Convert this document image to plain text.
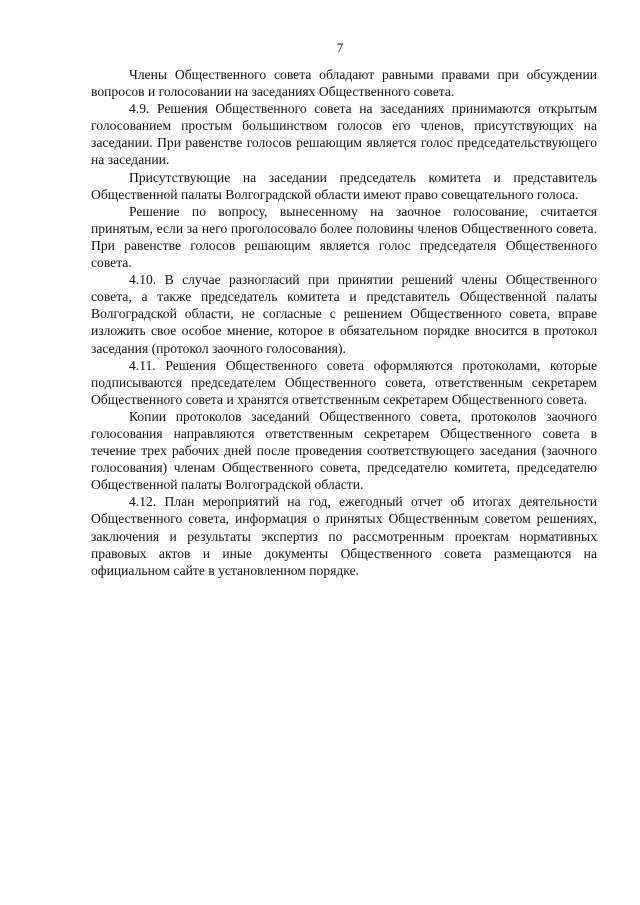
7

Члены Общественного совета обладают равными правами при обсуждении вопросов и голосовании на заседаниях Общественного совета.

4.9. Решения Общественного совета на заседаниях принимаются открытым голосованием простым большинством голосов его членов, присутствующих на заседании. При равенстве голосов решающим является голос председательствующего на заседании.

Присутствующие на заседании председатель комитета и представитель Общественной палаты Волгоградской области имеют право совещательного голоса.

Решение по вопросу, вынесенному на заочное голосование, считается принятым, если за него проголосовало более половины членов Общественного совета. При равенстве голосов решающим является голос председателя Общественного совета.

4.10. В случае разногласий при принятии решений члены Общественного совета, а также председатель комитета и представитель Общественной палаты Волгоградской области, не согласные с решением Общественного совета, вправе изложить свое особое мнение, которое в обязательном порядке вносится в протокол заседания (протокол заочного голосования).

4.11. Решения Общественного совета оформляются протоколами, которые подписываются председателем Общественного совета, ответственным секретарем Общественного совета и хранятся ответственным секретарем Общественного совета.

Копии протоколов заседаний Общественного совета, протоколов заочного голосования направляются ответственным секретарем Общественного совета в течение трех рабочих дней после проведения соответствующего заседания (заочного голосования) членам Общественного совета, председателю комитета, председателю Общественной палаты Волгоградской области.

4.12. План мероприятий на год, ежегодный отчет об итогах деятельности Общественного совета, информация о принятых Общественным советом решениях, заключения и результаты экспертиз по рассмотренным проектам нормативных правовых актов и иные документы Общественного совета размещаются на официальном сайте в установленном порядке.
